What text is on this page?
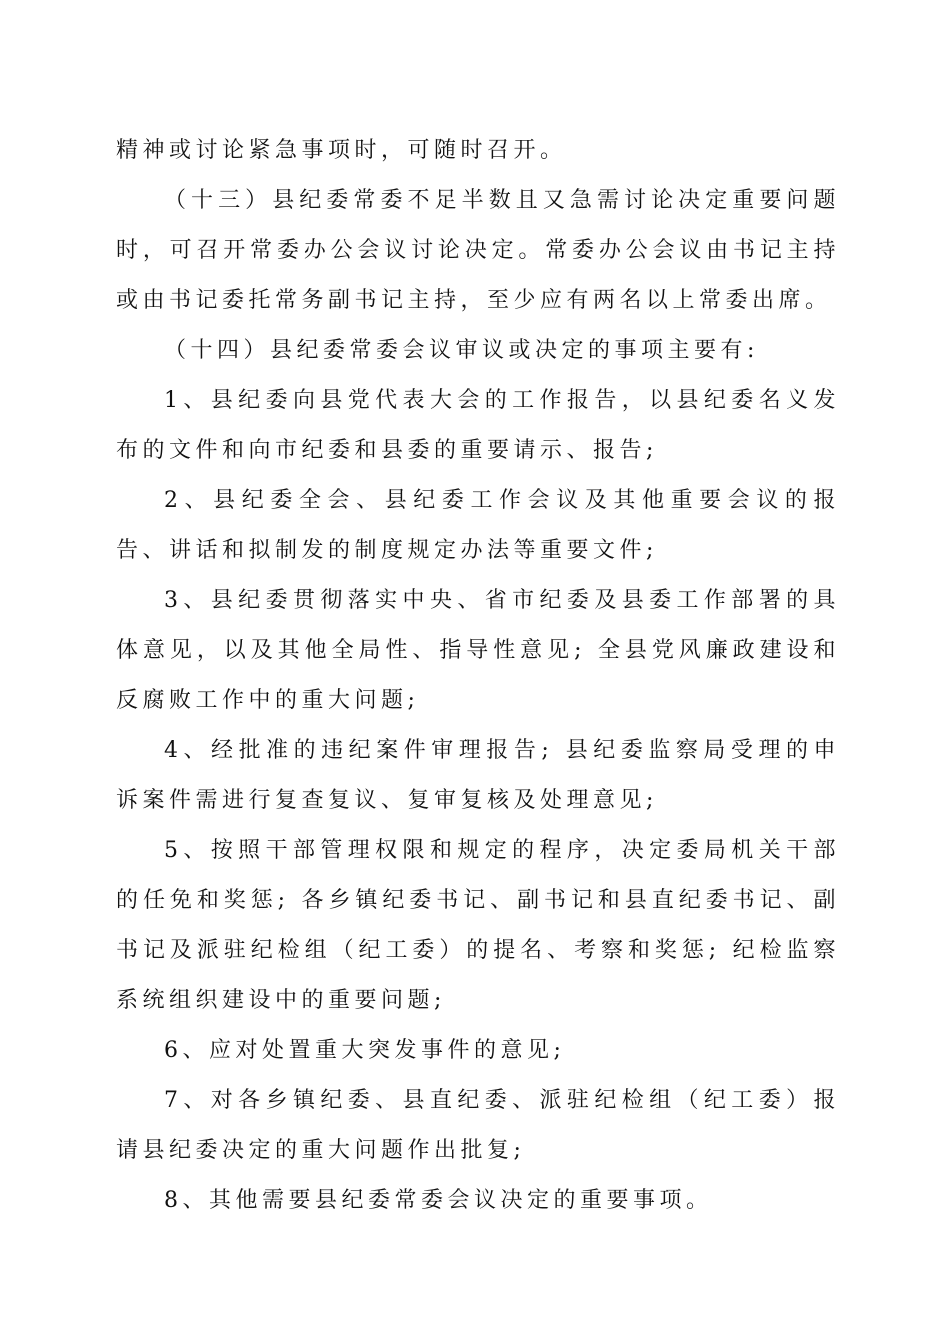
精神或讨论紧急事项时，可随时召开。

（十三）县纪委常委不足半数且又急需讨论决定重要问题时，可召开常委办公会议讨论决定。常委办公会议由书记主持或由书记委托常务副书记主持，至少应有两名以上常委出席。

（十四）县纪委常委会议审议或决定的事项主要有:

1、县纪委向县党代表大会的工作报告，以县纪委名义发布的文件和向市纪委和县委的重要请示、报告;

2、县纪委全会、县纪委工作会议及其他重要会议的报告、讲话和拟制发的制度规定办法等重要文件;

3、县纪委贯彻落实中央、省市纪委及县委工作部署的具体意见，以及其他全局性、指导性意见; 全县党风廉政建设和反腐败工作中的重大问题;

4、经批准的违纪案件审理报告; 县纪委监察局受理的申诉案件需进行复查复议、复审复核及处理意见;

5、按照干部管理权限和规定的程序，决定委局机关干部的任免和奖惩; 各乡镇纪委书记、副书记和县直纪委书记、副书记及派驻纪检组（纪工委）的提名、考察和奖惩; 纪检监察系统组织建设中的重要问题;

6、应对处置重大突发事件的意见;

7、对各乡镇纪委、县直纪委、派驻纪检组（纪工委）报请县纪委决定的重大问题作出批复;

8、其他需要县纪委常委会议决定的重要事项。
